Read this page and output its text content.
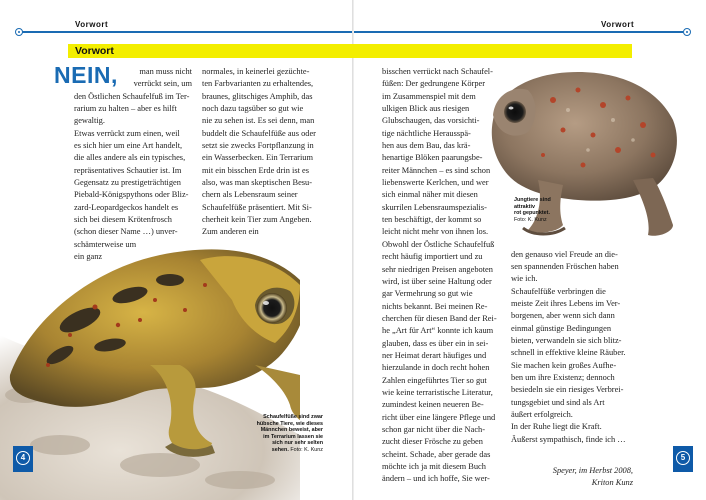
Vorwort
Schaufelfüße sind zwar
hübsche Tiere, wie dieses
Männchen beweist, aber
im Terrarium lassen sie
sich nur sehr selten
sehen. Foto: K. Kunz
4
Vorwort
Jungtiere sind
attraktiv
rot gepunktet.
Foto: K. Kunz
5
Vorwort
NEIN,	man muss nicht
verrückt sein, um

den Östlichen Schaufelfuß im Ter-

rarium zu halten – aber es hilft

gewaltig.

Etwas verrückt zum einen, weil

es sich hier um eine Art handelt,

die alles andere als ein typisches,

repräsentatives Schautier ist. Im

Gegensatz zu prestigeträchtigen

Piebald-Königspythons oder Bliz-

zard-Leopardgeckos handelt es

sich bei diesem Krötenfrosch

(schon dieser Name …) unver-

schämterweise um

ein ganz

normales, in keinerlei gezüchte-

ten Farbvarianten zu erhaltendes,

braunes, glitschiges Amphib, das

noch dazu tagsüber so gut wie

nie zu sehen ist. Es sei denn, man

buddelt die Schaufelfüße aus oder

setzt sie zwecks Fortpflanzung in

ein Wasserbecken. Ein Terrarium

mit ein bisschen Erde drin ist es

also, was man skeptischen Besu-

chern als Lebensraum seiner

Schaufelfüße präsentiert. Mit Si-

cherheit kein Tier zum Angeben.

Zum anderen ein

bisschen verrückt nach Schaufel-

füßen: Der gedrungene Körper

im Zusammenspiel mit dem

ulkigen Blick aus riesigen

Glubschaugen, das vorsichti-

tige nächtliche Herausspä-

hen aus dem Bau, das krä-

henartige Blöken paarungsbe-

reiter Männchen – es sind schon

liebenswerte Kerlchen, und wer

sich einmal näher mit diesen

skurrilen Lebensraumspezialis-

ten beschäftigt, der kommt so

leicht nicht mehr von ihnen los.

Obwohl der Östliche Schaufelfuß

recht häufig importiert und zu

sehr niedrigen Preisen angeboten

wird, ist über seine Haltung oder

gar Vermehrung so gut wie

nichts bekannt. Bei meinen Re-

cherchen für diesen Band der Rei-

he „Art für Art“ konnte ich kaum

glauben, dass es über ein in sei-

ner Heimat derart häufiges und

hierzulande in doch recht hohen

Zahlen eingeführtes Tier so gut

wie keine terraristische Literatur,

zumindest keinen neueren Be-

richt über eine längere Pflege und

schon gar nicht über die Nach-

zucht dieser Frösche zu geben

scheint. Schade, aber gerade das

möchte ich ja mit diesem Buch

ändern – und ich hoffe, Sie wer-

den genauso viel Freude an die-

sen spannenden Fröschen haben

wie ich.

Schaufelfüße verbringen die

meiste Zeit ihres Lebens im Ver-

borgenen, aber wenn sich dann

einmal günstige Bedingungen

bieten, verwandeln sie sich blitz-

schnell in effektive kleine Räuber.

Sie machen kein großes Aufhe-

ben um ihre Existenz; dennoch

besiedeln sie ein riesiges Verbrei-

tungsgebiet und sind als Art

äußert erfolgreich.

In der Ruhe liegt die Kraft.

Äußerst sympathisch, finde ich …

Speyer, im Herbst 2008,
Kriton Kunz
